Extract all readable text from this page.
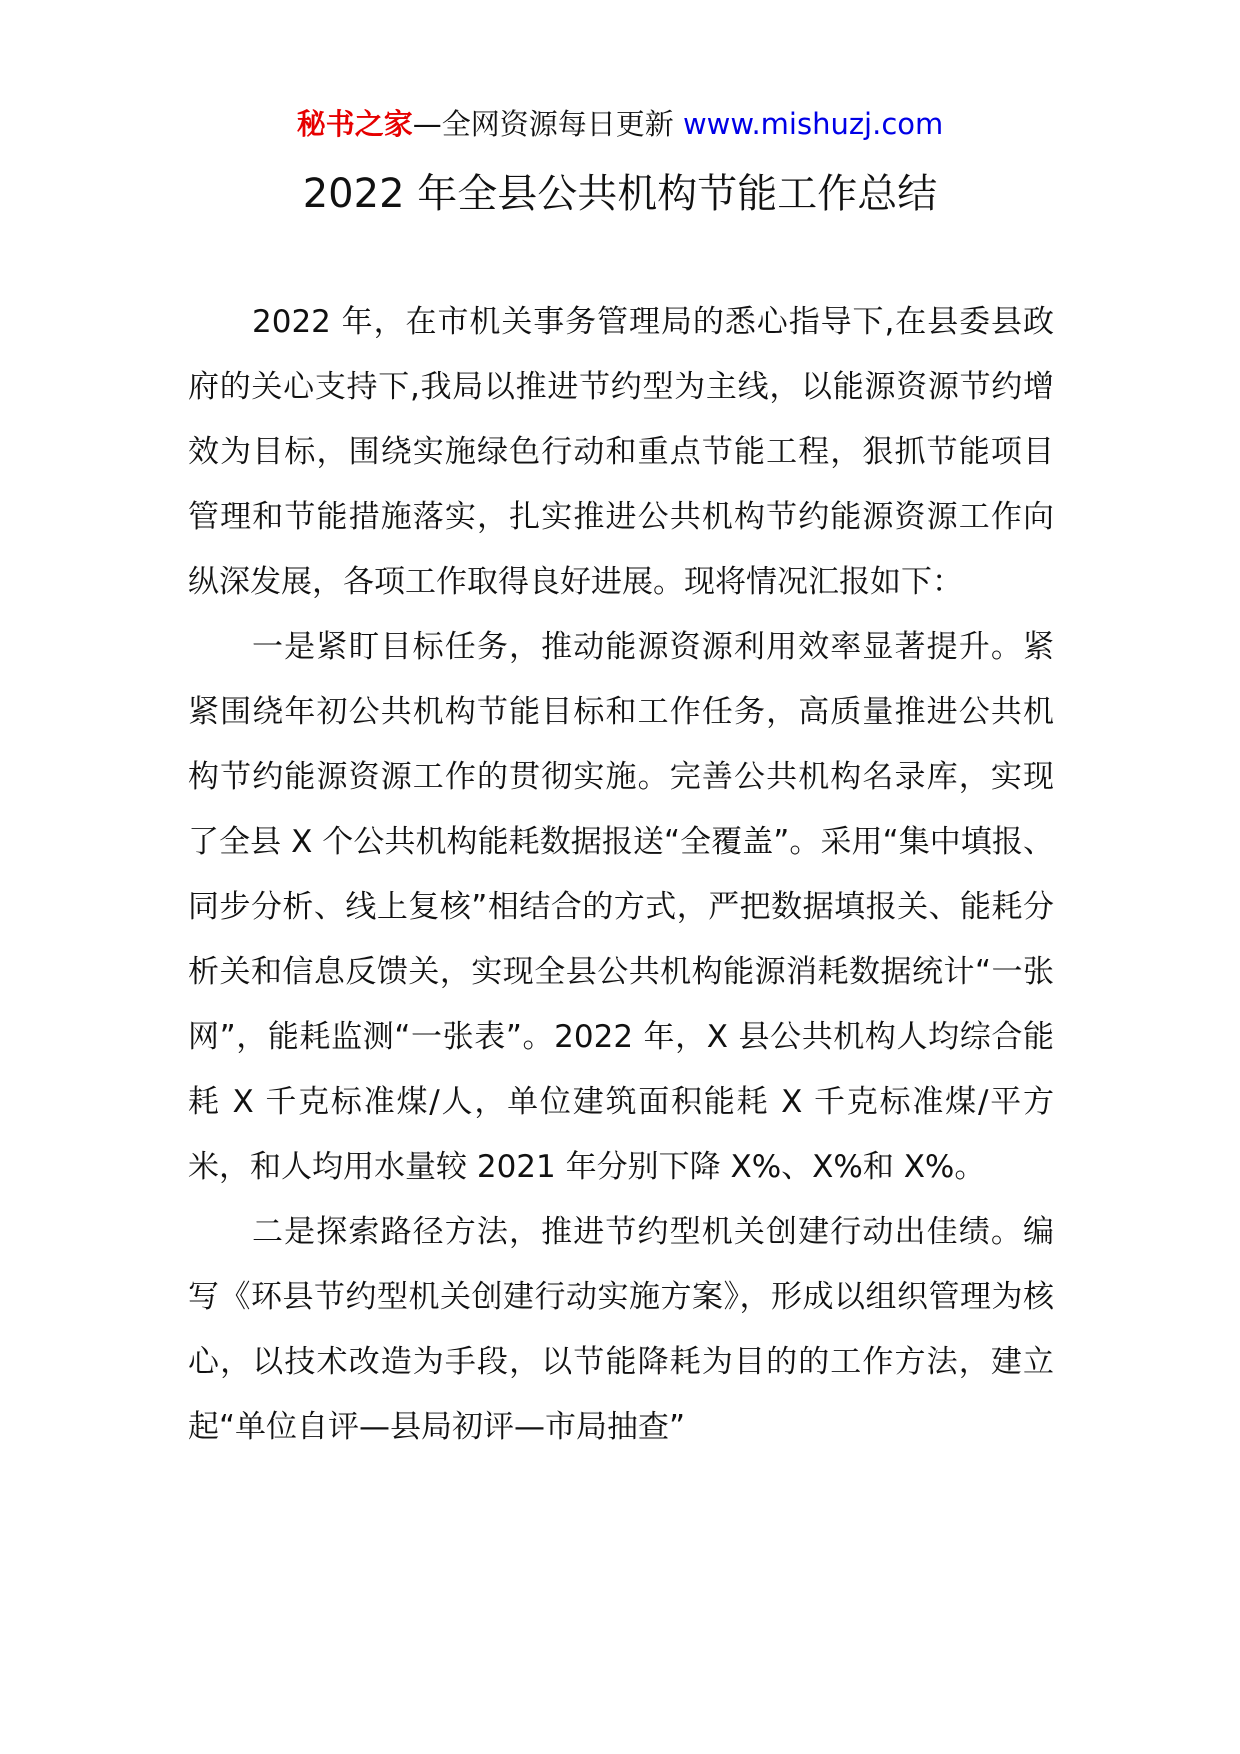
秘书之家—全网资源每日更新 www.mishuzj.com
2022 年全县公共机构节能工作总结

2022 年，在市机关事务管理局的悉心指导下,在县委县政府的关心支持下,我局以推进节约型为主线，以能源资源节约增效为目标，围绕实施绿色行动和重点节能工程，狠抓节能项目管理和节能措施落实，扎实推进公共机构节约能源资源工作向纵深发展，各项工作取得良好进展。现将情况汇报如下：

一是紧盯目标任务，推动能源资源利用效率显著提升。紧紧围绕年初公共机构节能目标和工作任务，高质量推进公共机构节约能源资源工作的贯彻实施。完善公共机构名录库，实现了全县 X 个公共机构能耗数据报送“全覆盖”。采用“集中填报、同步分析、线上复核”相结合的方式，严把数据填报关、能耗分析关和信息反馈关，实现全县公共机构能源消耗数据统计“一张网”，能耗监测“一张表”。2022 年，X 县公共机构人均综合能耗 X 千克标准煤/人，单位建筑面积能耗 X 千克标准煤/平方米，和人均用水量较 2021 年分别下降 X%、X%和 X%。

二是探索路径方法，推进节约型机关创建行动出佳绩。编写《环县节约型机关创建行动实施方案》，形成以组织管理为核心，以技术改造为手段，以节能降耗为目的的工作方法，建立起“单位自评—县局初评—市局抽查”
